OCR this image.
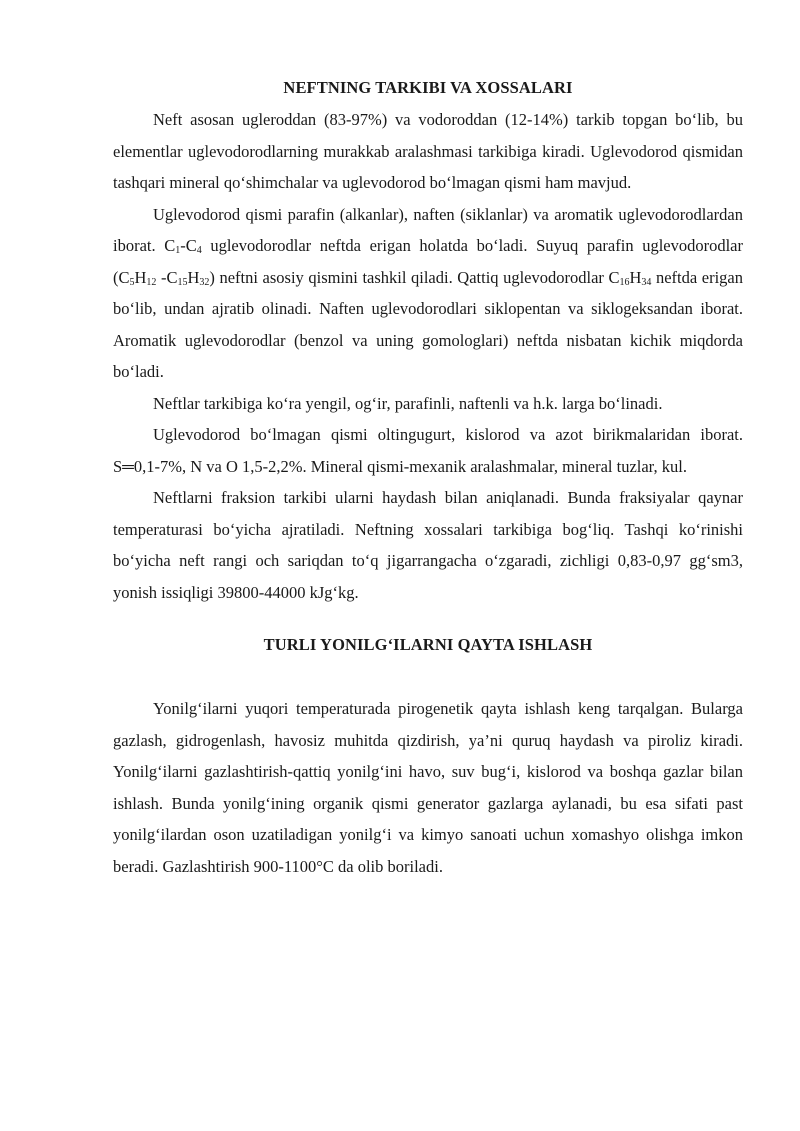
NEFTNING TARKIBI VA XOSSALARI

Neft asosan ugleroddan (83-97%) va vodoroddan (12-14%) tarkib topgan bo‘lib, bu elementlar uglevodorodlarning murakkab aralashmasi tarkibiga kiradi. Uglevodorod qismidan tashqari mineral qo‘shimchalar va uglevodorod bo‘lmagan qismi ham mavjud.

Uglevodorod qismi parafin (alkanlar), naften (siklanlar) va aromatik uglevodorodlardan iborat. $C_1-C_4$ uglevodorodlar neftda erigan holatda bo‘ladi. Suyuq parafin uglevodorodlar ($C_5H_{12}$ $-C_{15}H_{32}$) neftni asosiy qismini tashkil qiladi. Qattiq uglevodorodlar $C_{16}H_{34}$ neftda erigan bo‘lib, undan ajratib olinadi. Naften uglevodorodlari siklopentan va siklogeksandan iborat. Aromatik uglevodorodlar (benzol va uning gomologlari) neftda nisbatan kichik miqdorda bo‘ladi.

Neftlar tarkibiga ko‘ra yengil, og‘ir, parafinli, naftenli va h.k. larga bo‘linadi.

Uglevodorod bo‘lmagan qismi oltingugurt, kislorod va azot birikmalaridan iborat. S═0,1-7%, N va O 1,5-2,2%. Mineral qismi-mexanik aralashmalar, mineral tuzlar, kul.

Neftlarni fraksion tarkibi ularni haydash bilan aniqlanadi. Bunda fraksiyalar qaynar temperaturasi bo‘yicha ajratiladi. Neftning xossalari tarkibiga bog‘liq. Tashqi ko‘rinishi bo‘yicha neft rangi och sariqdan to‘q jigarrangacha o‘zgaradi, zichligi 0,83-0,97 gg‘sm3, yonish issiqligi 39800-44000 kJg‘kg.

TURLI YONILG‘ILARNI QAYTA ISHLASH

Yonilg‘ilarni yuqori temperaturada pirogenetik qayta ishlash keng tarqalgan. Bularga gazlash, gidrogenlash, havosiz muhitda qizdirish, ya’ni quruq haydash va piroliz kiradi. Yonilg‘ilarni gazlashtirish-qattiq yonilg‘ini havo, suv bug‘i, kislorod va boshqa gazlar bilan ishlash. Bunda yonilg‘ining organik qismi generator gazlarga aylanadi, bu esa sifati past yonilg‘ilardan oson uzatiladigan yonilg‘i va kimyo sanoati uchun xomashyo olishga imkon beradi. Gazlashtirish 900-1100°C da olib boriladi.
